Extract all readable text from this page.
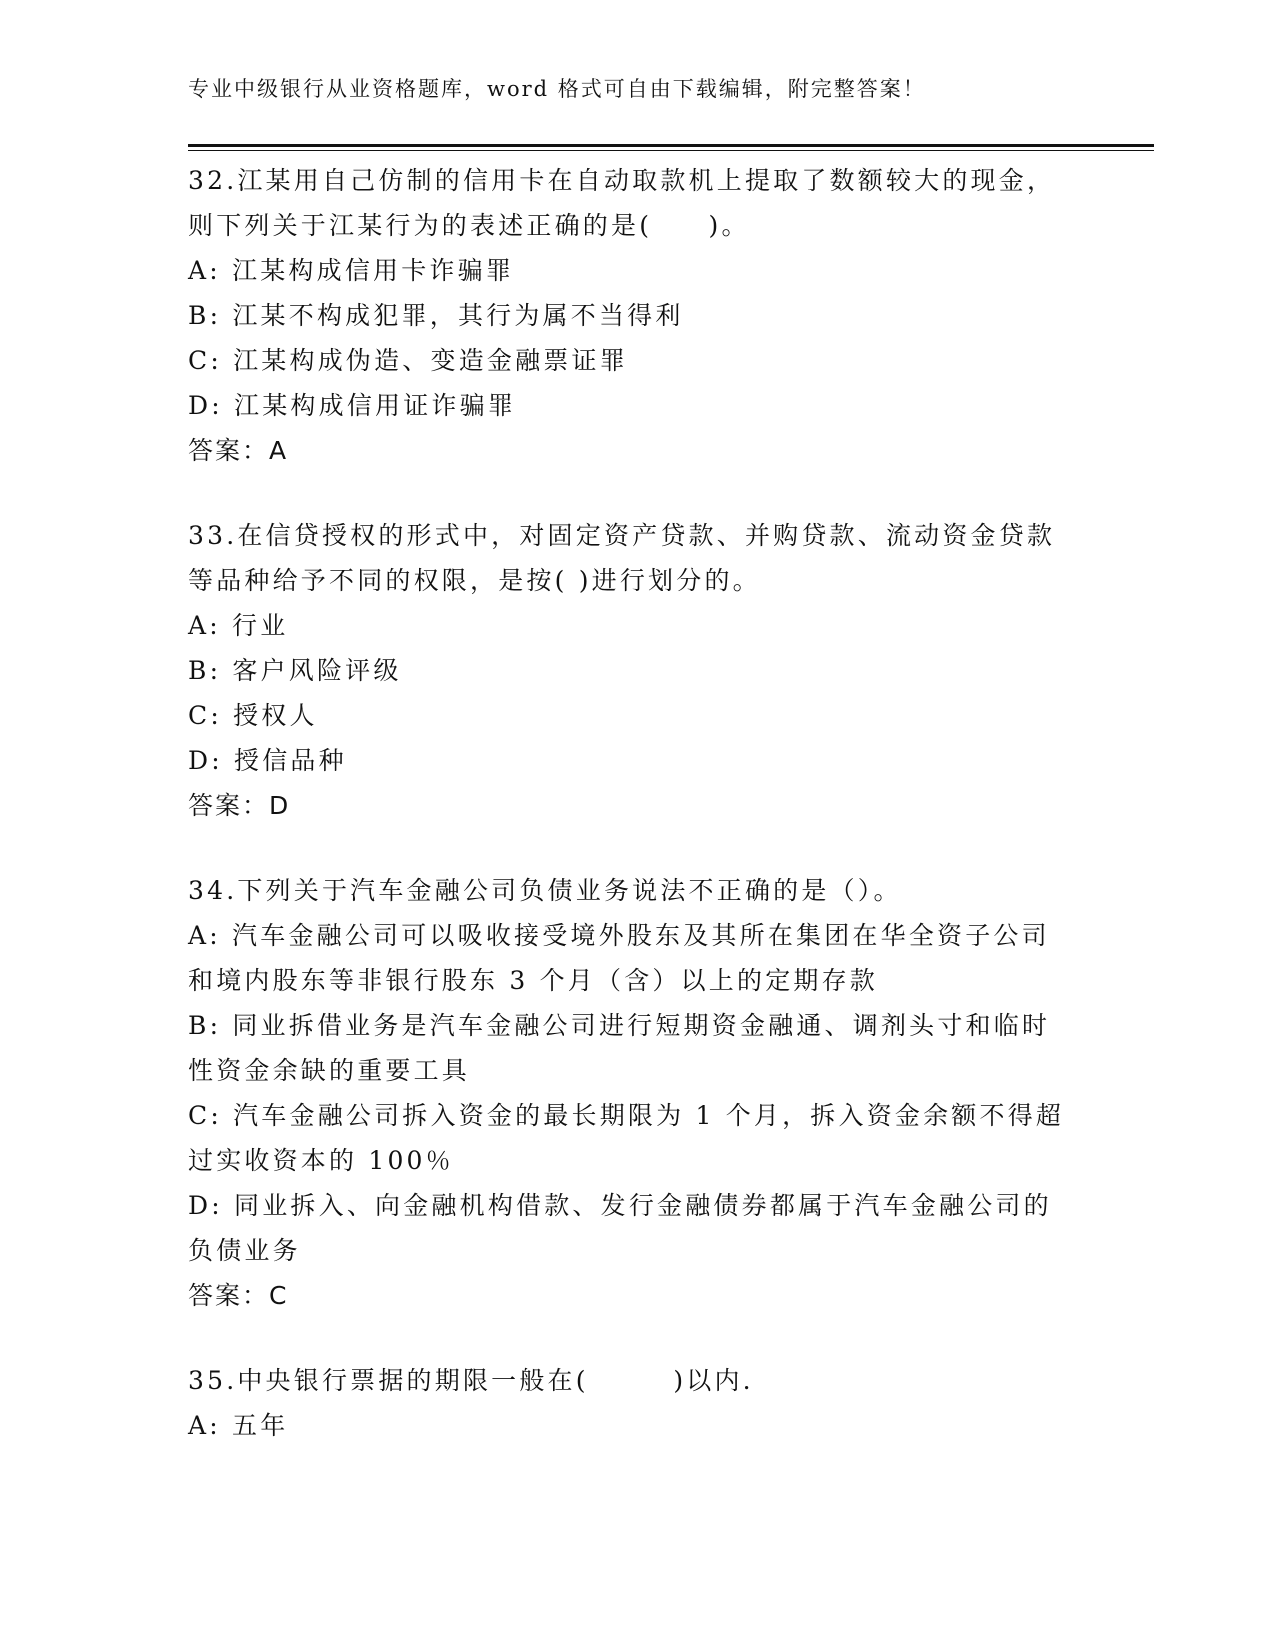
专业中级银行从业资格题库，word 格式可自由下载编辑，附完整答案！
32.江某用自己仿制的信用卡在自动取款机上提取了数额较大的现金，
则下列关于江某行为的表述正确的是(　　)。
A: 江某构成信用卡诈骗罪
B: 江某不构成犯罪，其行为属不当得利
C: 江某构成伪造、变造金融票证罪
D: 江某构成信用证诈骗罪
答案：A
33.在信贷授权的形式中，对固定资产贷款、并购贷款、流动资金贷款
等品种给予不同的权限，是按( )进行划分的。
A: 行业
B: 客户风险评级
C: 授权人
D: 授信品种
答案：D
34.下列关于汽车金融公司负债业务说法不正确的是（）。
A: 汽车金融公司可以吸收接受境外股东及其所在集团在华全资子公司
和境内股东等非银行股东 3 个月（含）以上的定期存款
B: 同业拆借业务是汽车金融公司进行短期资金融通、调剂头寸和临时
性资金余缺的重要工具
C: 汽车金融公司拆入资金的最长期限为 1 个月，拆入资金余额不得超
过实收资本的 100％
D: 同业拆入、向金融机构借款、发行金融债券都属于汽车金融公司的
负债业务
答案：C
35.中央银行票据的期限一般在(　　　)以内.
A: 五年
